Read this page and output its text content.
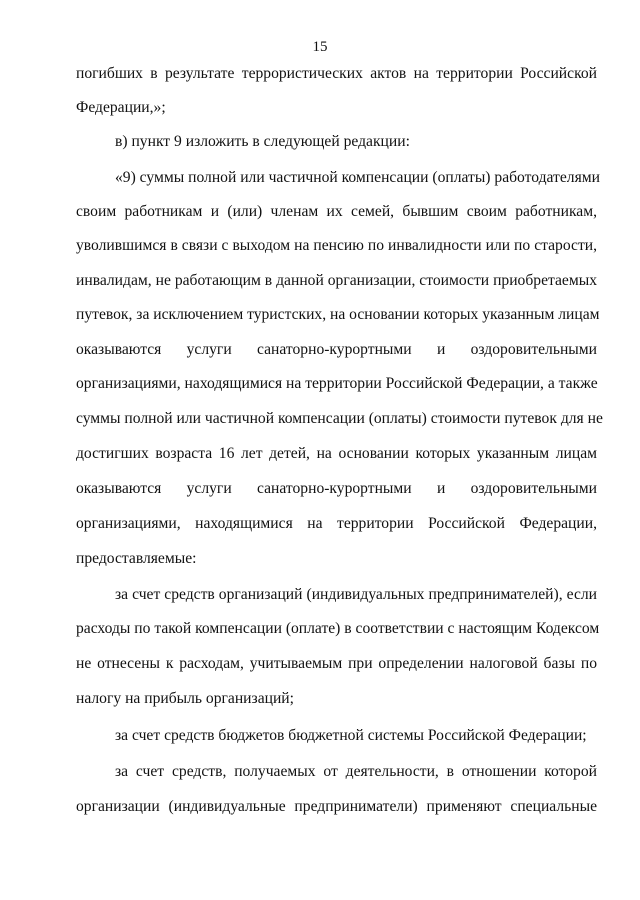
15
погибших в результате террористических актов на территории Российской
Федерации,»;
в) пункт 9 изложить в следующей редакции:
«9) суммы полной или частичной компенсации (оплаты) работодателями
своим работникам и (или) членам их семей, бывшим своим работникам,
уволившимся в связи с выходом на пенсию по инвалидности или по старости,
инвалидам, не работающим в данной организации, стоимости приобретаемых
путевок, за исключением туристских, на основании которых указанным лицам
оказываются услуги санаторно-курортными и оздоровительными
организациями, находящимися на территории Российской Федерации, а также
суммы полной или частичной компенсации (оплаты) стоимости путевок для не
достигших возраста 16 лет детей, на основании которых указанным лицам
оказываются услуги санаторно-курортными и оздоровительными
организациями, находящимися на территории Российской Федерации,
предоставляемые:
за счет средств организаций (индивидуальных предпринимателей), если
расходы по такой компенсации (оплате) в соответствии с настоящим Кодексом
не отнесены к расходам, учитываемым при определении налоговой базы по
налогу на прибыль организаций;
за счет средств бюджетов бюджетной системы Российской Федерации;
за счет средств, получаемых от деятельности, в отношении которой
организации (индивидуальные предприниматели) применяют специальные
